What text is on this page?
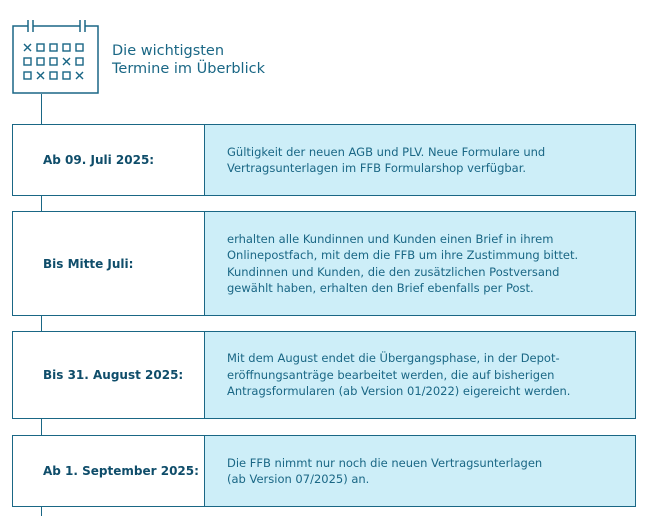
Die wichtigsten
Termine im Überblick
Ab 09. Juli 2025:
Gültigkeit der neuen AGB und PLV. Neue Formulare und
Vertragsunterlagen im FFB Formularshop verfügbar.
Bis Mitte Juli:
erhalten alle Kundinnen und Kunden einen Brief in ihrem
Onlinepostfach, mit dem die FFB um ihre Zustimmung bittet.
Kundinnen und Kunden, die den zusätzlichen Postversand
gewählt haben, erhalten den Brief ebenfalls per Post.
Bis 31. August 2025:
Mit dem August endet die Übergangsphase, in der Depot-
eröffnungsanträge bearbeitet werden, die auf bisherigen
Antragsformularen (ab Version 01/2022) eigereicht werden.
Ab 1. September 2025:
Die FFB nimmt nur noch die neuen Vertragsunterlagen
(ab Version 07/2025) an.
